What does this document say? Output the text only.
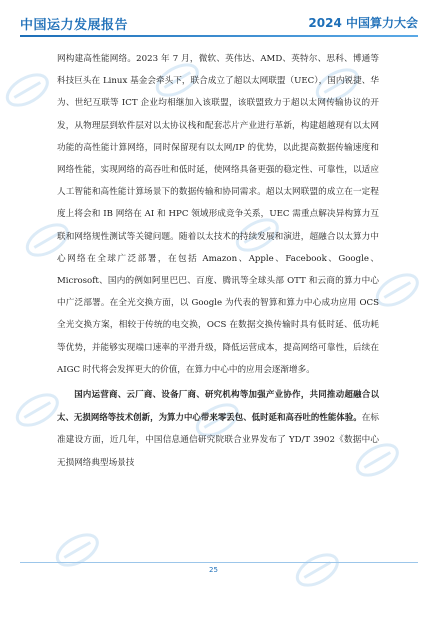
中国运力发展报告	2024 中国算力大会

网构建高性能网络。2023 年 7 月，微软、英伟达、AMD、英特尔、思科、博通等科技巨头在 Linux 基金会牵头下，联合成立了超以太网联盟（UEC），国内锐捷、华为、世纪互联等 ICT 企业均相继加入该联盟，该联盟致力于超以太网传输协议的开发，从物理层到软件层对以太协议栈和配套芯片产业进行革新，构建超越现有以太网功能的高性能计算网络，同时保留现有以太网/IP 的优势，以此提高数据传输速度和网络性能，实现网络的高吞吐和低时延，使网络具备更强的稳定性、可靠性，以适应人工智能和高性能计算场景下的数据传输和协同需求。超以太网联盟的成立在一定程度上将会和 IB 网络在 AI 和 HPC 领域形成竞争关系，UEC 需重点解决异构算力互联和网络规性测试等关键问题。随着以太技术的持续发展和演进，超融合以太算力中心网络在全球广泛部署，在包括 Amazon、Apple、Facebook、Google、Microsoft、国内的例如阿里巴巴、百度、腾讯等全球头部 OTT 和云商的算力中心中广泛部署。在全光交换方面，以 Google 为代表的智算和算力中心成功应用 OCS 全光交换方案，相较于传统的电交换，OCS 在数据交换传输时具有低时延、低功耗等优势，并能够实现端口速率的平滑升级，降低运营成本，提高网络可靠性，后续在 AIGC 时代将会发挥更大的价值，在算力中心中的应用会逐渐增多。

国内运营商、云厂商、设备厂商、研究机构等加强产业协作，共同推动超融合以太、无损网络等技术创新，为算力中心带来零丢包、低时延和高吞吐的性能体验。在标准建设方面，近几年，中国信息通信研究院联合业界发布了 YD/T 3902《数据中心无损网络典型场景技

25
